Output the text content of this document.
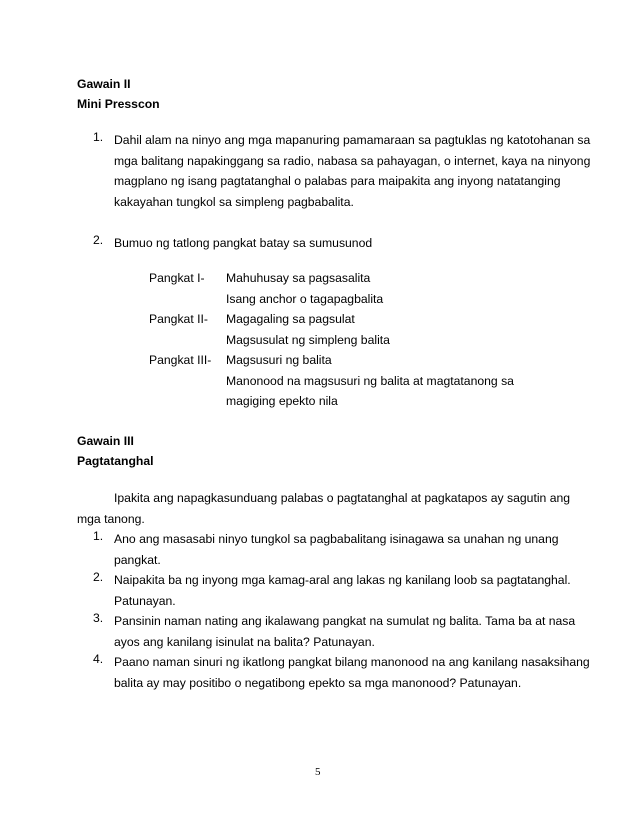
Gawain II
Mini Presscon
1. Dahil alam na ninyo ang mga mapanuring pamamaraan sa pagtuklas ng katotohanan sa
mga balitang napakinggang sa radio, nabasa sa pahayagan, o internet, kaya na ninyong
magplano ng isang pagtatanghal o palabas para maipakita ang inyong natatanging
kakayahan tungkol sa simpleng pagbabalita.
2. Bumuo ng tatlong pangkat batay sa sumusunod
Pangkat I- Mahuhusay sa pagsasalita
Isang anchor o tagapagbalita
Pangkat II- Magagaling sa pagsulat
Magsusulat ng simpleng balita
Pangkat III- Magsusuri ng balita
Manonood na magsusuri ng balita at magtatanong sa
magiging epekto nila
Gawain III
Pagtatanghal
Ipakita ang napagkasunduang palabas o pagtatanghal at pagkatapos ay sagutin ang
mga tanong.
1. Ano ang masasabi ninyo tungkol sa pagbabalitang isinagawa sa unahan ng unang
pangkat.
2. Naipakita ba ng inyong mga kamag-aral ang lakas ng kanilang loob sa pagtatanghal.
Patunayan.
3. Pansinin naman nating ang ikalawang pangkat na sumulat ng balita. Tama ba at nasa
ayos ang kanilang isinulat na balita? Patunayan.
4. Paano naman sinuri ng ikatlong pangkat bilang manonood na ang kanilang nasaksihang
balita ay may positibo o negatibong epekto sa mga manonood? Patunayan.
5
